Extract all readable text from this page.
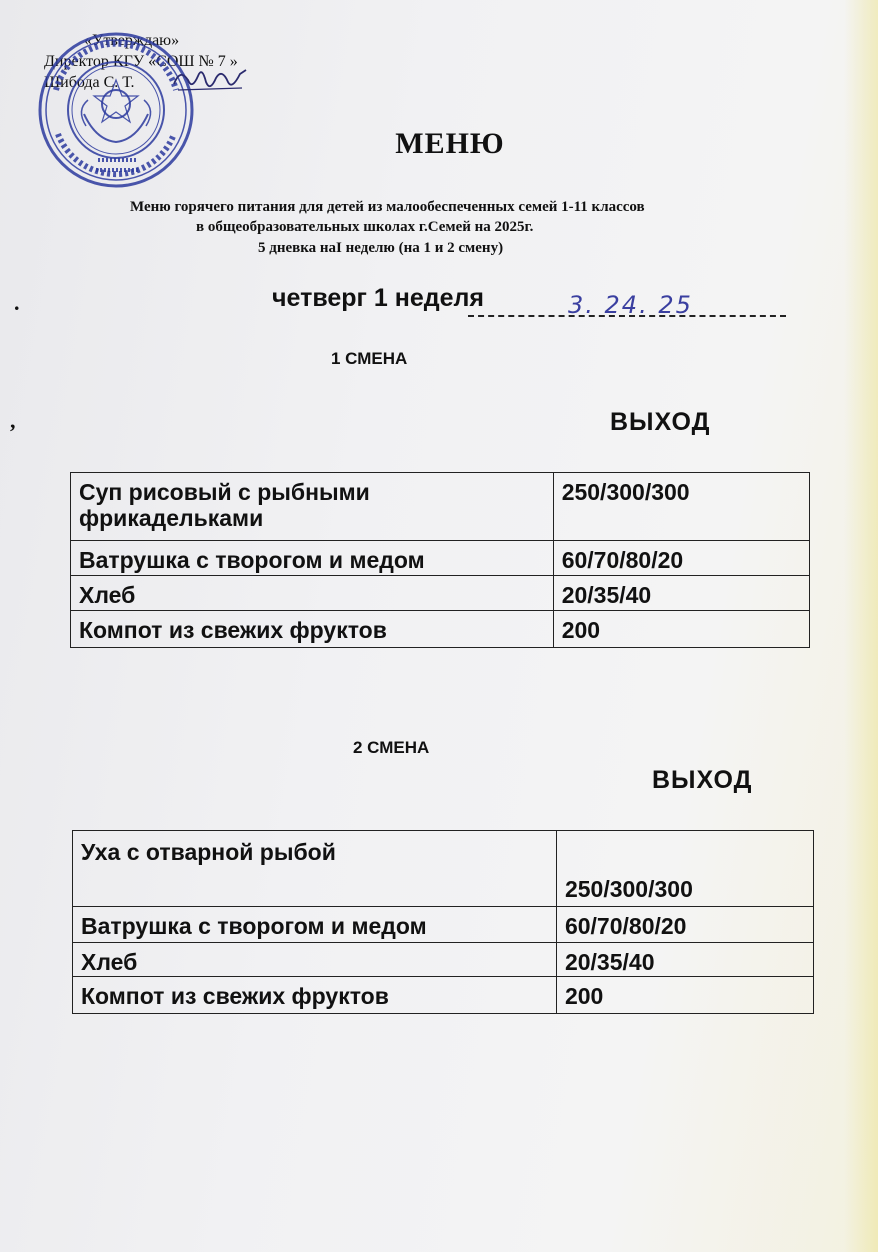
«Утверждаю»
Директор КГУ «СОШ № 7 »
Шибода С. Т.
МЕНЮ
Меню горячего питания для детей из малообеспеченных семей 1-11 классов
в общеобразовательных школах г.Семей на 2025г.
5 дневка наI неделю (на 1 и 2 смену)
.	четверг 1 неделя	3. 24. 25
1 СМЕНА
,	ВЫХОД
Суп рисовый с рыбными фрикадельками	250/300/300
Ватрушка с творогом и медом	60/70/80/20
Хлеб	20/35/40
Компот из свежих фруктов	200
2 СМЕНА
ВЫХОД
Уха с отварной рыбой	250/300/300
Ватрушка с творогом и медом	60/70/80/20
Хлеб	20/35/40
Компот из свежих фруктов	200
